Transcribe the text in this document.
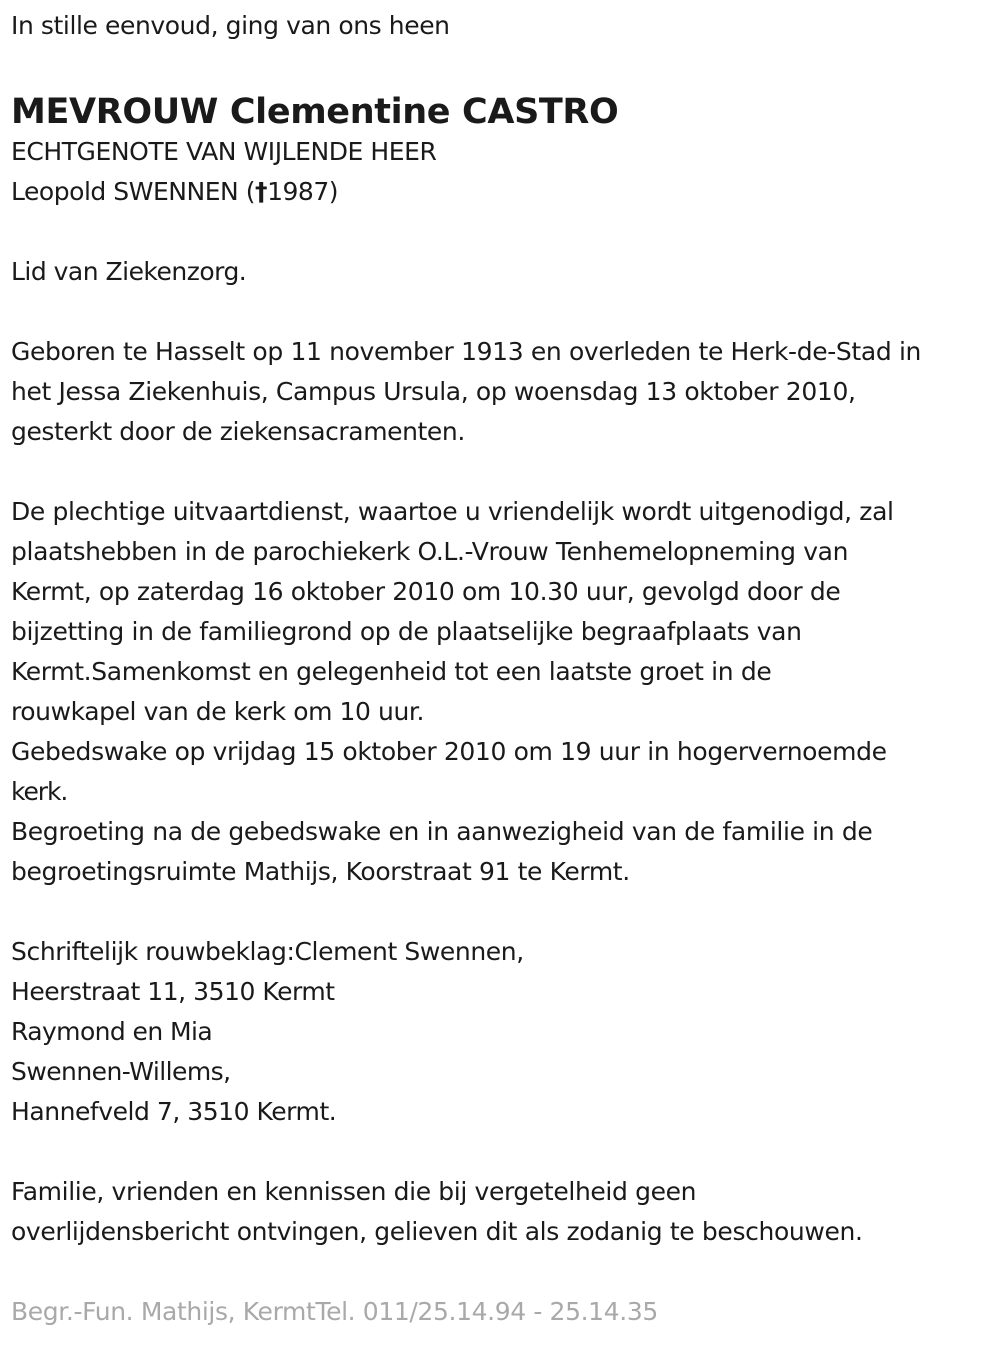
In stille eenvoud, ging van ons heen
MEVROUW Clementine CASTRO
ECHTGENOTE VAN WIJLENDE HEER
Leopold SWENNEN (†1987)
Lid van Ziekenzorg.
Geboren te Hasselt op 11 november 1913 en overleden te Herk-de-Stad in
het Jessa Ziekenhuis, Campus Ursula, op woensdag 13 oktober 2010,
gesterkt door de ziekensacramenten.
De plechtige uitvaartdienst, waartoe u vriendelijk wordt uitgenodigd, zal
plaatshebben in de parochiekerk O.L.-Vrouw Tenhemelopneming van
Kermt, op zaterdag 16 oktober 2010 om 10.30 uur, gevolgd door de
bijzetting in de familiegrond op de plaatselijke begraafplaats van
Kermt.Samenkomst en gelegenheid tot een laatste groet in de
rouwkapel van de kerk om 10 uur.
Gebedswake op vrijdag 15 oktober 2010 om 19 uur in hogervernoemde
kerk.
Begroeting na de gebedswake en in aanwezigheid van de familie in de
begroetingsruimte Mathijs, Koorstraat 91 te Kermt.
Schriftelijk rouwbeklag:Clement Swennen,
Heerstraat 11, 3510 Kermt
Raymond en Mia
Swennen-Willems,
Hannefveld 7, 3510 Kermt.
Familie, vrienden en kennissen die bij vergetelheid geen
overlijdensbericht ontvingen, gelieven dit als zodanig te beschouwen.
Begr.-Fun. Mathijs, KermtTel. 011/25.14.94 - 25.14.35
